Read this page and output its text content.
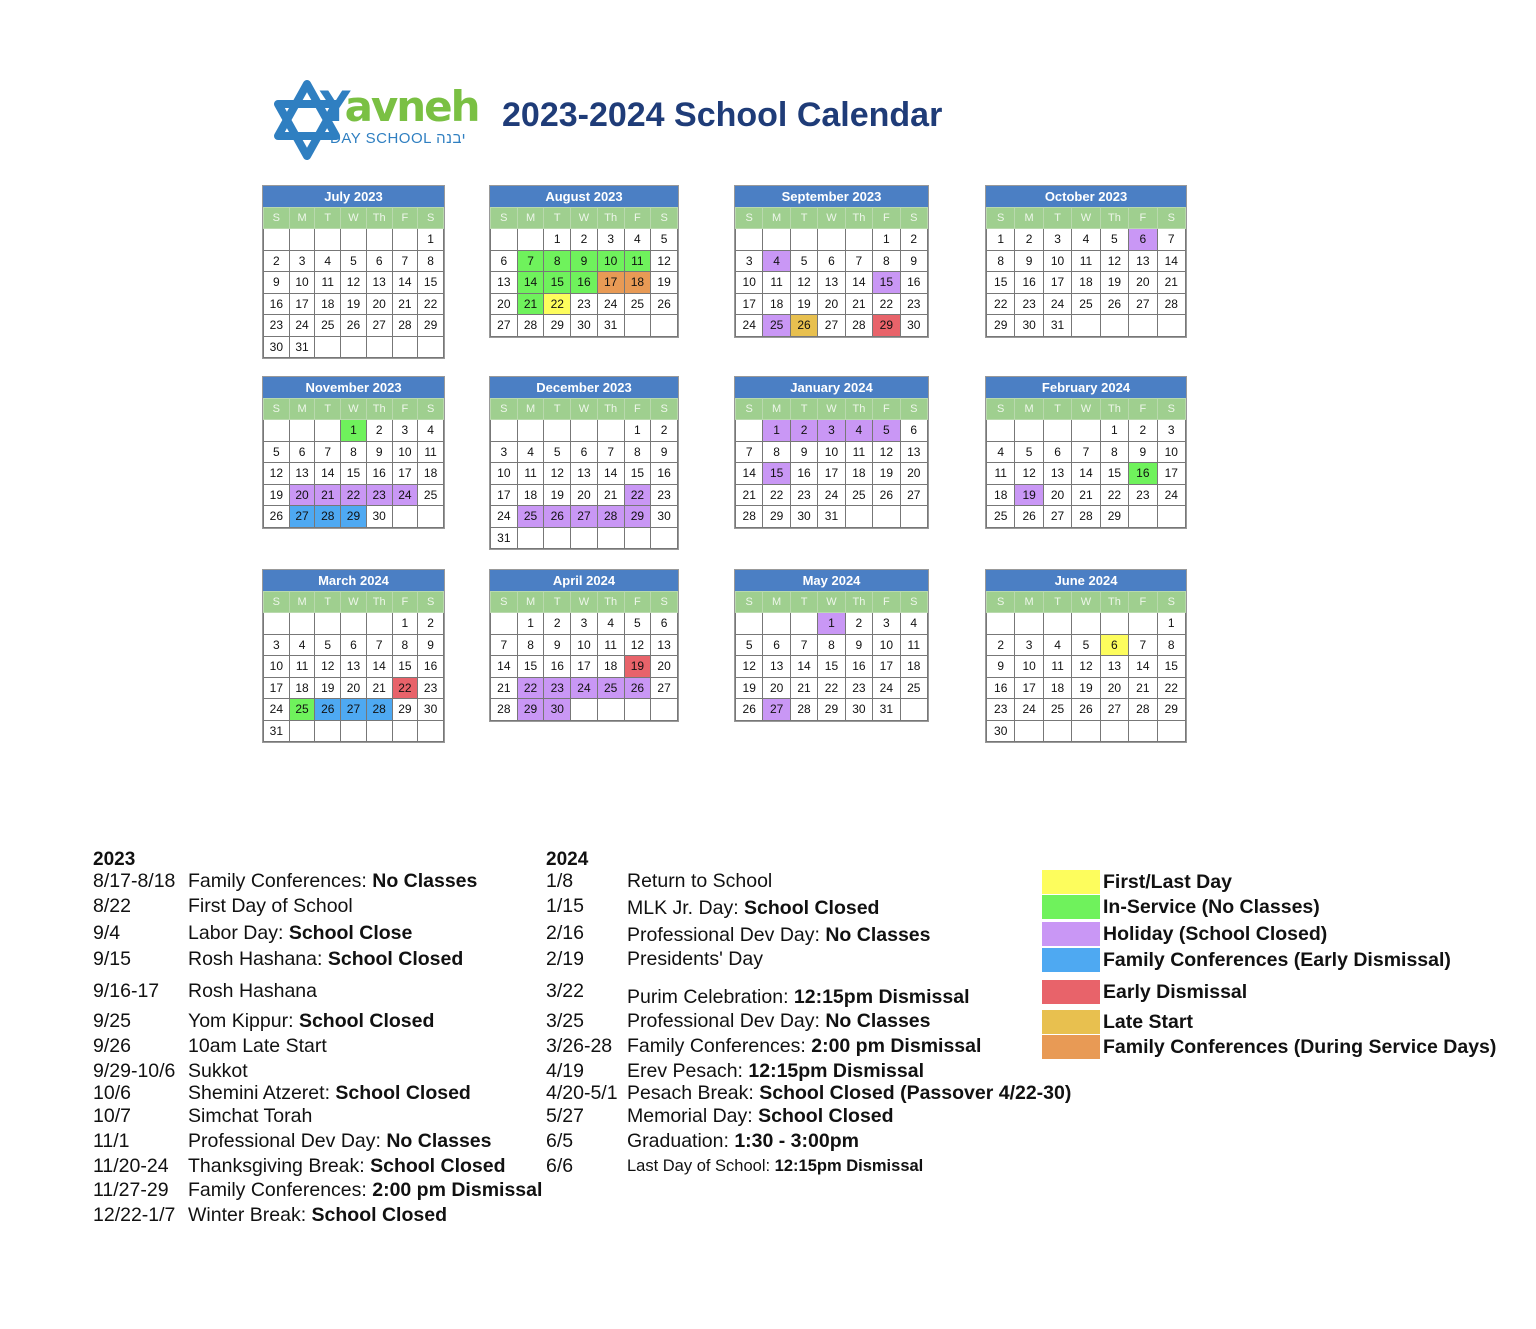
Yavneh
DAY SCHOOL יבנה
2023-2024 School Calendar
July 2023
S	M	T	W	Th	F	S
						1
2	3	4	5	6	7	8
9	10	11	12	13	14	15
16	17	18	19	20	21	22
23	24	25	26	27	28	29
30	31					
August 2023
S	M	T	W	Th	F	S
		1	2	3	4	5
6	7	8	9	10	11	12
13	14	15	16	17	18	19
20	21	22	23	24	25	26
27	28	29	30	31		
September 2023
S	M	T	W	Th	F	S
					1	2
3	4	5	6	7	8	9
10	11	12	13	14	15	16
17	18	19	20	21	22	23
24	25	26	27	28	29	30
October 2023
S	M	T	W	Th	F	S
1	2	3	4	5	6	7
8	9	10	11	12	13	14
15	16	17	18	19	20	21
22	23	24	25	26	27	28
29	30	31				
November 2023
S	M	T	W	Th	F	S
			1	2	3	4
5	6	7	8	9	10	11
12	13	14	15	16	17	18
19	20	21	22	23	24	25
26	27	28	29	30		
December 2023
S	M	T	W	Th	F	S
					1	2
3	4	5	6	7	8	9
10	11	12	13	14	15	16
17	18	19	20	21	22	23
24	25	26	27	28	29	30
31						
January 2024
S	M	T	W	Th	F	S
	1	2	3	4	5	6
7	8	9	10	11	12	13
14	15	16	17	18	19	20
21	22	23	24	25	26	27
28	29	30	31			
February 2024
S	M	T	W	Th	F	S
				1	2	3
4	5	6	7	8	9	10
11	12	13	14	15	16	17
18	19	20	21	22	23	24
25	26	27	28	29		
March 2024
S	M	T	W	Th	F	S
					1	2
3	4	5	6	7	8	9
10	11	12	13	14	15	16
17	18	19	20	21	22	23
24	25	26	27	28	29	30
31						
April 2024
S	M	T	W	Th	F	S
	1	2	3	4	5	6
7	8	9	10	11	12	13
14	15	16	17	18	19	20
21	22	23	24	25	26	27
28	29	30				
May 2024
S	M	T	W	Th	F	S
			1	2	3	4
5	6	7	8	9	10	11
12	13	14	15	16	17	18
19	20	21	22	23	24	25
26	27	28	29	30	31	
June 2024
S	M	T	W	Th	F	S
						1
2	3	4	5	6	7	8
9	10	11	12	13	14	15
16	17	18	19	20	21	22
23	24	25	26	27	28	29
30						
2023
8/17-8/18 Family Conferences: No Classes
8/22	First Day of School
9/4	Labor Day: School Close
9/15	Rosh Hashana: School Closed
9/16-17 Rosh Hashana
9/25	Yom Kippur: School Closed
9/26	10am Late Start
9/29-10/6 Sukkot
10/6	Shemini Atzeret: School Closed
10/7	Simchat Torah
11/1	Professional Dev Day: No Classes
11/20-24 Thanksgiving Break: School Closed
11/27-29 Family Conferences: 2:00 pm Dismissal
12/22-1/7 Winter Break: School Closed
2024
1/8	Return to School
1/15 MLK Jr. Day: School Closed
2/16 Professional Dev Day: No Classes
2/19 Presidents' Day
3/22 Purim Celebration: 12:15pm Dismissal
3/25 Professional Dev Day: No Classes
3/26-28 Family Conferences: 2:00 pm Dismissal
4/19 Erev Pesach: 12:15pm Dismissal
4/20-5/1 Pesach Break: School Closed (Passover 4/22-30)
5/27 Memorial Day: School Closed
6/5	Graduation: 1:30 - 3:00pm
6/6	Last Day of School: 12:15pm Dismissal
First/Last Day
In-Service (No Classes)
Holiday (School Closed)
Family Conferences (Early Dismissal)
Early Dismissal
Late Start
Family Conferences (During Service Days)
